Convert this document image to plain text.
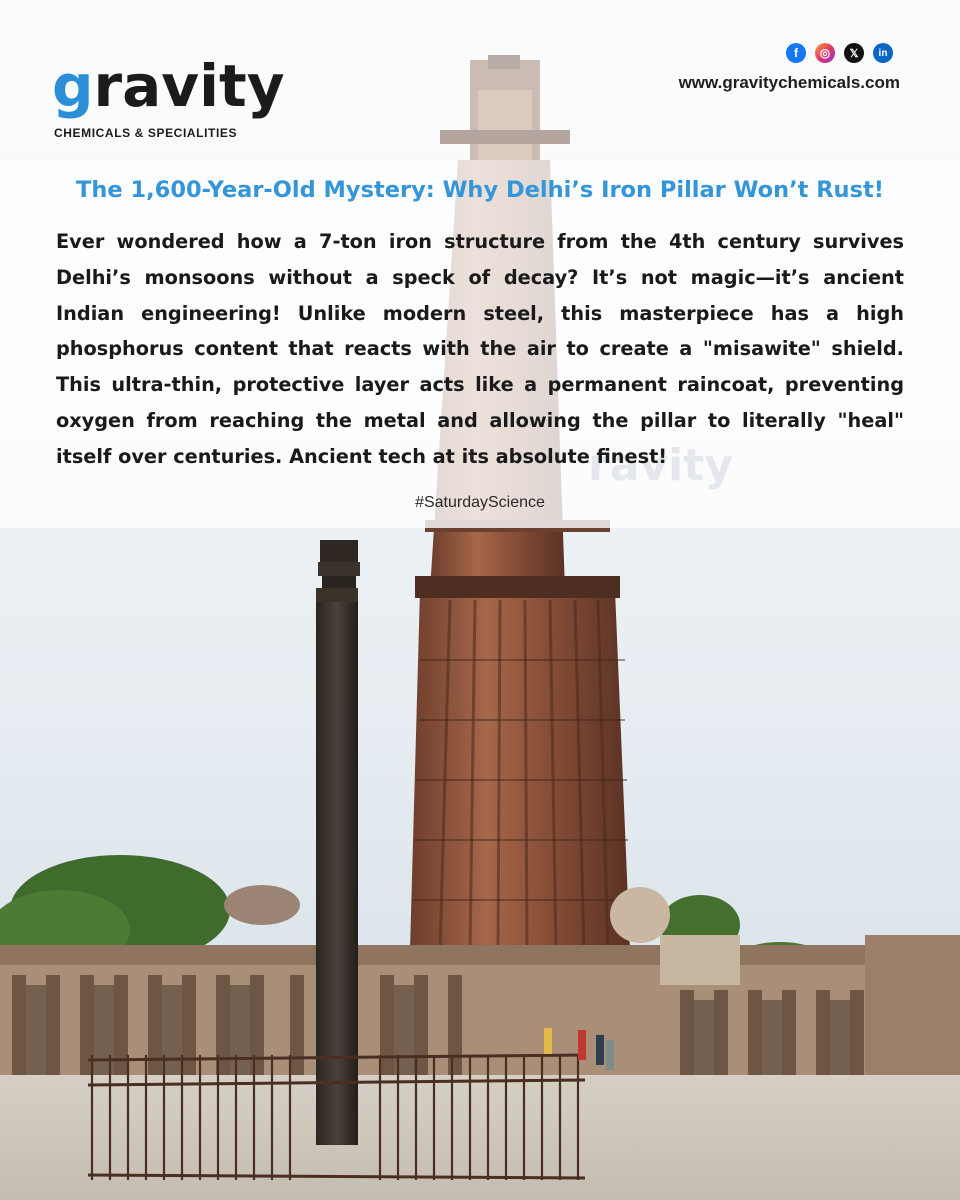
gravity
CHEMICALS & SPECIALITIES
f	◎	𝕏	in
www.gravitychemicals.com
ravity
The 1,600-Year-Old Mystery: Why Delhi’s Iron Pillar Won’t Rust!
Ever wondered how a 7-ton iron structure from the 4th century survives Delhi’s monsoons without a speck of decay? It’s not magic—it’s ancient Indian engineering! Unlike modern steel, this masterpiece has a high phosphorus content that reacts with the air to create a "misawite" shield. This ultra-thin, protective layer acts like a permanent raincoat, preventing oxygen from reaching the metal and allowing the pillar to literally "heal" itself over centuries. Ancient tech at its absolute finest!
#SaturdayScience
